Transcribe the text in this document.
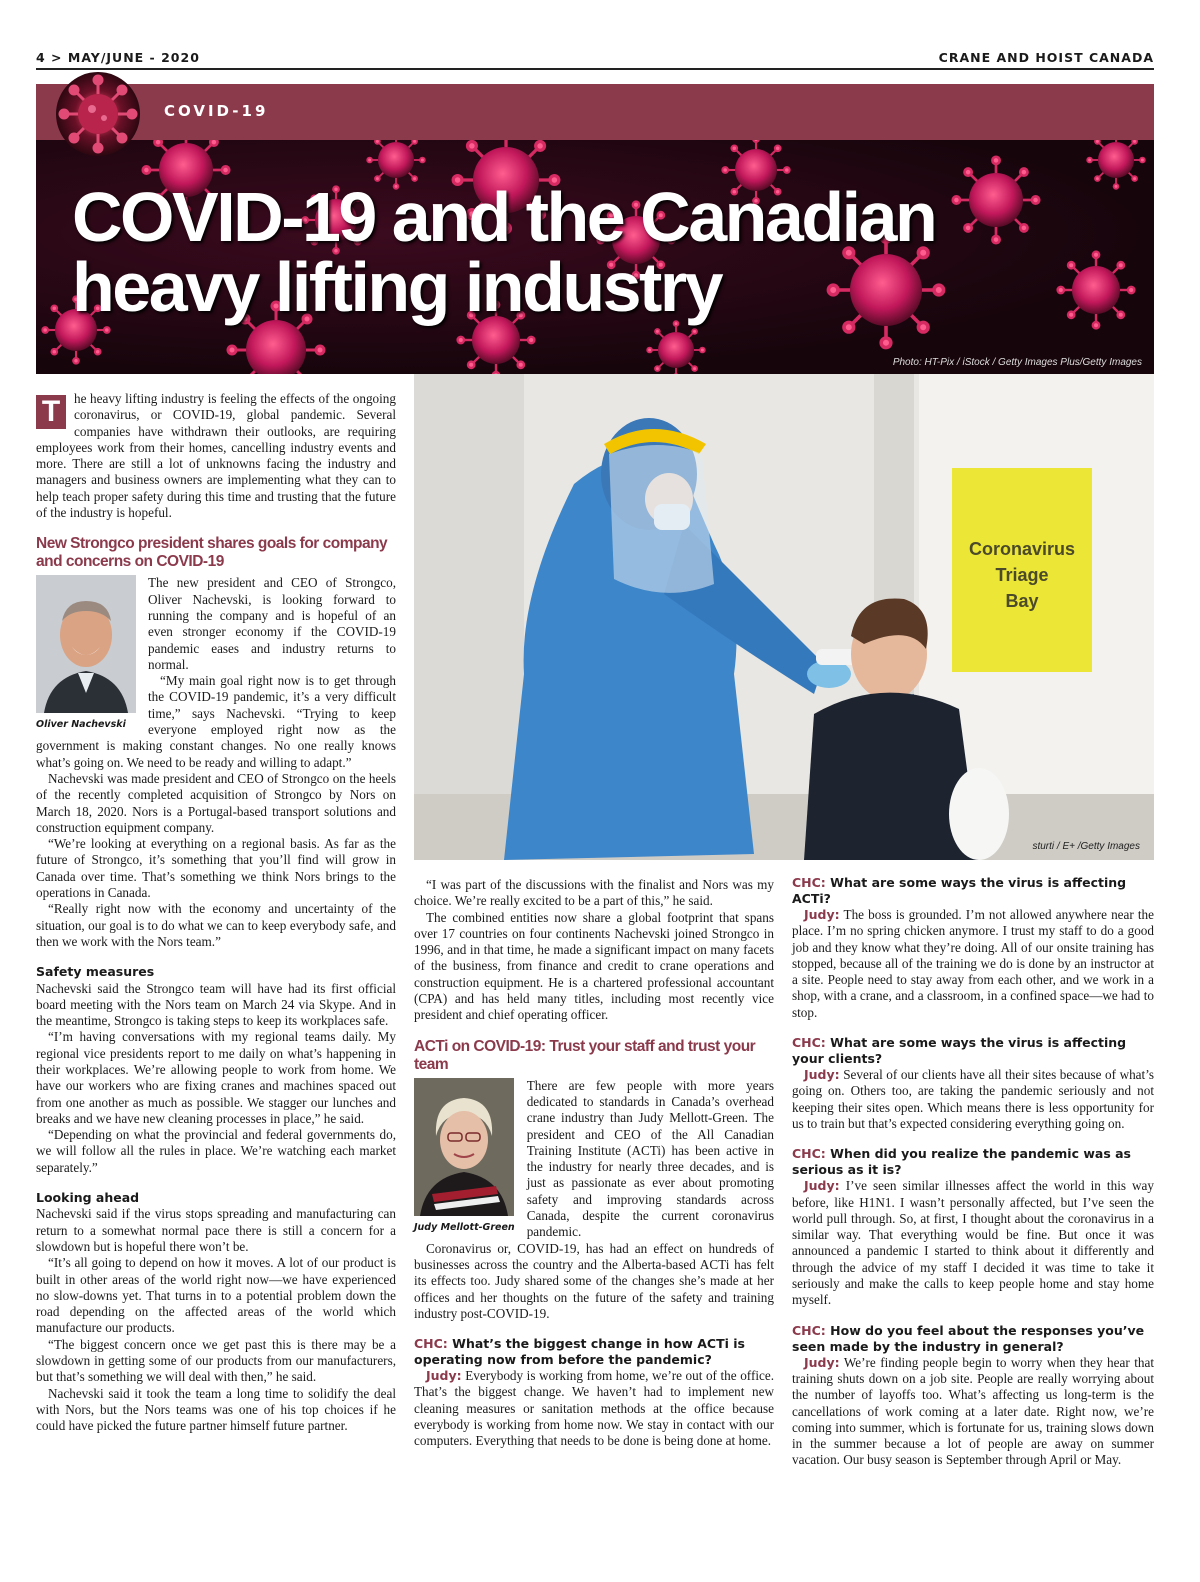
4 > MAY/JUNE - 2020	CRANE AND HOIST CANADA
COVID-19
COVID-19 and the Canadian
heavy lifting industry
Photo: HT-Pix / iStock / Getty Images Plus/Getty Images
Coronavirus
Triage
Bay
sturti / E+ /Getty Images

T	he heavy lifting industry is feeling the effects of the ongoing coronavirus, or COVID-19, global pandemic. Several companies have withdrawn their outlooks, are requiring employees work from their homes, cancelling industry events and more. There are still a lot of unknowns facing the industry and managers and business owners are implementing what they can to help teach proper safety during this time and trusting that the future of the industry is hopeful.

New Strongco president shares goals for company and concerns on COVID-19
Oliver Nachevski

The new president and CEO of Strongco, Oliver Nachevski, is looking forward to running the company and is hopeful of an even stronger economy if the COVID-19 pandemic eases and industry returns to normal.

“My main goal right now is to get through the COVID-19 pandemic, it’s a very difficult time,” says Nachevski. “Trying to keep everyone employed right now as the government is making constant changes. No one really knows what’s going on. We need to be ready and willing to adapt.”

Nachevski was made president and CEO of Strongco on the heels of the recently completed acquisition of Strongco by Nors on March 18, 2020. Nors is a Portugal-based transport solutions and construction equipment company.

“We’re looking at everything on a regional basis. As far as the future of Strongco, it’s something that you’ll find will grow in Canada over time. That’s something we think Nors brings to the operations in Canada.

“Really right now with the economy and uncertainty of the situation, our goal is to do what we can to keep everybody safe, and then we work with the Nors team.”

Safety measures

Nachevski said the Strongco team will have had its first official board meeting with the Nors team on March 24 via Skype. And in the meantime, Strongco is taking steps to keep its workplaces safe.

“I’m having conversations with my regional teams daily. My regional vice presidents report to me daily on what’s happening in their workplaces. We’re allowing people to work from home. We have our workers who are fixing cranes and machines spaced out from one another as much as possible. We stagger our lunches and breaks and we have new cleaning processes in place,” he said.

“Depending on what the provincial and federal governments do, we will follow all the rules in place. We’re watching each market separately.”

Looking ahead

Nachevski said if the virus stops spreading and manufacturing can return to a somewhat normal pace there is still a concern for a slowdown but is hopeful there won’t be.

“It’s all going to depend on how it moves. A lot of our product is built in other areas of the world right now—we have experienced no slow-downs yet. That turns in to a potential problem down the road depending on the affected areas of the world which manufacture our products.

“The biggest concern once we get past this is there may be a slowdown in getting some of our products from our manufacturers, but that’s something we will deal with then,” he said.

Nachevski said it took the team a long time to solidify the deal with Nors, but the Nors teams was one of his top choices if he could have picked the future partner himself future partner.

“I was part of the discussions with the finalist and Nors was my choice. We’re really excited to be a part of this,” he said.

The combined entities now share a global footprint that spans over 17 countries on four continents Nachevski joined Strongco in 1996, and in that time, he made a significant impact on many facets of the business, from finance and credit to crane operations and construction equipment. He is a chartered professional accountant (CPA) and has held many titles, including most recently vice president and chief operating officer.

ACTi on COVID-19: Trust your staff and trust your team
Judy Mellott-Green

There are few people with more years dedicated to standards in Canada’s overhead crane industry than Judy Mellott-Green. The president and CEO of the All Canadian Training Institute (ACTi) has been active in the industry for nearly three decades, and is just as passionate as ever about promoting safety and improving standards across Canada, despite the current coronavirus pandemic.

Coronavirus or, COVID-19, has had an effect on hundreds of businesses across the country and the Alberta-based ACTi has felt its effects too. Judy shared some of the changes she’s made at her offices and her thoughts on the future of the safety and training industry post-COVID-19.

CHC: What’s the biggest change in how ACTi is operating now from before the pandemic?

Judy: Everybody is working from home, we’re out of the office. That’s the biggest change. We haven’t had to implement new cleaning measures or sanitation methods at the office because everybody is working from home now. We stay in contact with our computers. Everything that needs to be done is being done at home.

CHC: What are some ways the virus is affecting ACTi?

Judy: The boss is grounded. I’m not allowed anywhere near the place. I’m no spring chicken anymore. I trust my staff to do a good job and they know what they’re doing. All of our onsite training has stopped, because all of the training we do is done by an instructor at a site. People need to stay away from each other, and we work in a shop, with a crane, and a classroom, in a confined space—we had to stop.

CHC: What are some ways the virus is affecting your clients?

Judy: Several of our clients have all their sites because of what’s going on. Others too, are taking the pandemic seriously and not keeping their sites open. Which means there is less opportunity for us to train but that’s expected considering everything going on.

CHC: When did you realize the pandemic was as serious as it is?

Judy: I’ve seen similar illnesses affect the world in this way before, like H1N1. I wasn’t personally affected, but I’ve seen the world pull through. So, at first, I thought about the coronavirus in a similar way. That everything would be fine. But once it was announced a pandemic I started to think about it differently and through the advice of my staff I decided it was time to take it seriously and make the calls to keep people home and stay home myself.

CHC: How do you feel about the responses you’ve seen made by the industry in general?

Judy: We’re finding people begin to worry when they hear that training shuts down on a job site. People are really worrying about the number of layoffs too. What’s affecting us long-term is the cancellations of work coming at a later date. Right now, we’re coming into summer, which is fortunate for us, training slows down in the summer because a lot of people are away on summer vacation. Our busy season is September through April or May.
